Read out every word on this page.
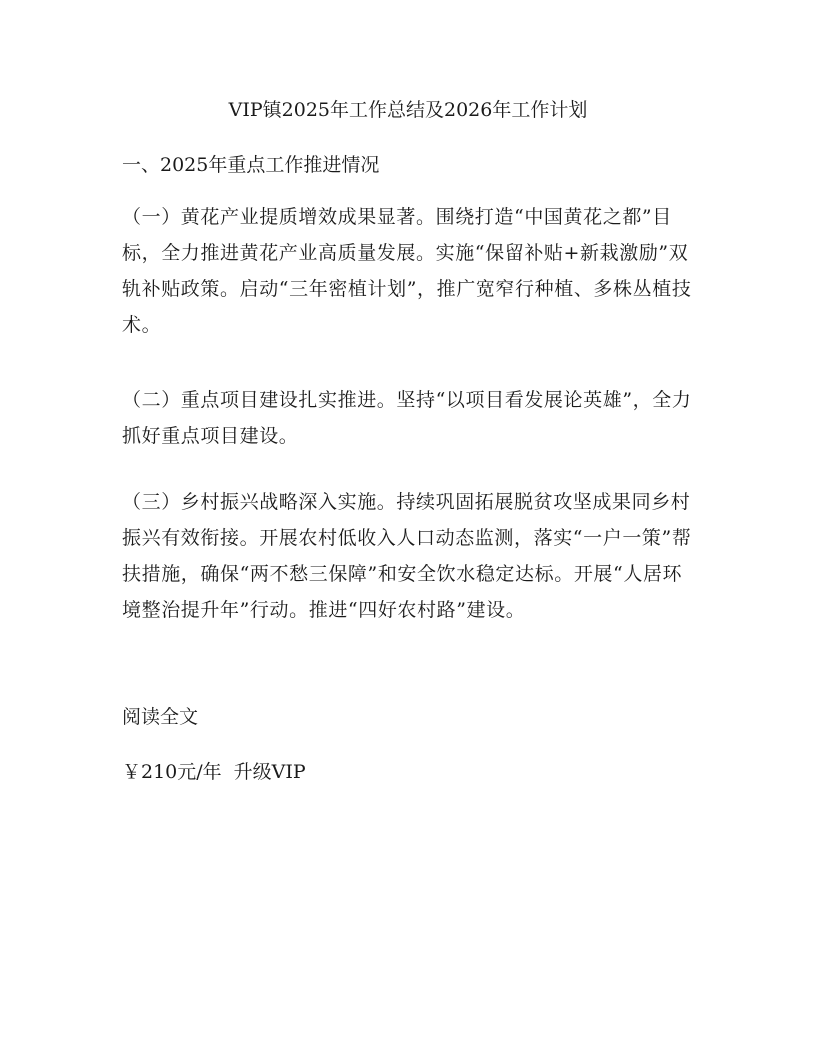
VIP镇2025年工作总结及2026年工作计划
一、2025年重点工作推进情况
（一）黄花产业提质增效成果显著。围绕打造“中国黄花之都”目标，全力推进黄花产业高质量发展。实施“保留补贴+新栽激励”双轨补贴政策。启动“三年密植计划”，推广宽窄行种植、多株丛植技术。
（二）重点项目建设扎实推进。坚持“以项目看发展论英雄”，全力抓好重点项目建设。
（三）乡村振兴战略深入实施。持续巩固拓展脱贫攻坚成果同乡村振兴有效衔接。开展农村低收入人口动态监测，落实“一户一策”帮扶措施，确保“两不愁三保障”和安全饮水稳定达标。开展“人居环境整治提升年”行动。推进“四好农村路”建设。
阅读全文
￥210元/年 升级VIP
